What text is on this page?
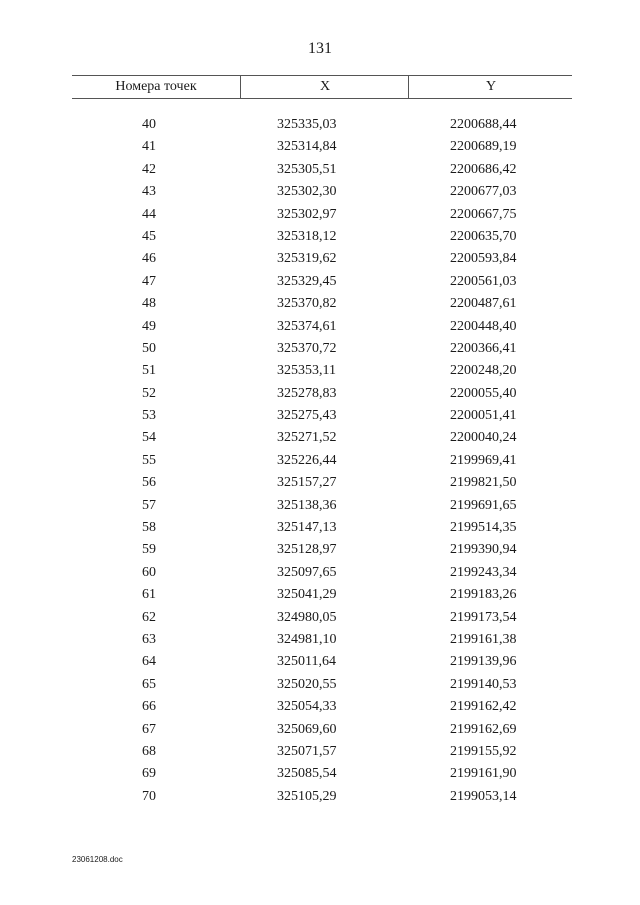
131
Номера точек	X	Y
40	325335,03	2200688,44
41	325314,84	2200689,19
42	325305,51	2200686,42
43	325302,30	2200677,03
44	325302,97	2200667,75
45	325318,12	2200635,70
46	325319,62	2200593,84
47	325329,45	2200561,03
48	325370,82	2200487,61
49	325374,61	2200448,40
50	325370,72	2200366,41
51	325353,11	2200248,20
52	325278,83	2200055,40
53	325275,43	2200051,41
54	325271,52	2200040,24
55	325226,44	2199969,41
56	325157,27	2199821,50
57	325138,36	2199691,65
58	325147,13	2199514,35
59	325128,97	2199390,94
60	325097,65	2199243,34
61	325041,29	2199183,26
62	324980,05	2199173,54
63	324981,10	2199161,38
64	325011,64	2199139,96
65	325020,55	2199140,53
66	325054,33	2199162,42
67	325069,60	2199162,69
68	325071,57	2199155,92
69	325085,54	2199161,90
70	325105,29	2199053,14
23061208.doc
